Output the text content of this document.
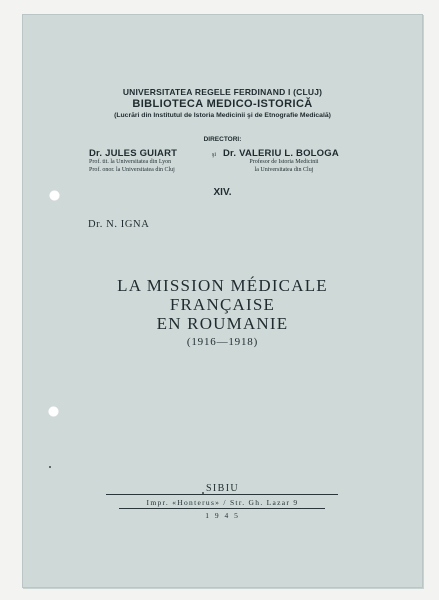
UNIVERSITATEA REGELE FERDINAND I (CLUJ)
BIBLIOTECA MEDICO-ISTORICĂ
(Lucrări din Institutul de Istoria Medicinii şi de Etnografie Medicală)
DIRECTORI:
Dr. JULES GUIART
Prof. tit. la Universitatea din Lyon
Prof. onor. la Universitatea din Cluj
şi Dr. VALERIU L. BOLOGA
Profesor de Istoria Medicinii
la Universitatea din Cluj
XIV.
Dr. N. IGNA
LA MISSION MÉDICALE
FRANÇAISE
EN ROUMANIE
(1916—1918)
SIBIU
Impr. «Honterus» / Str. Gh. Lazar 9
1 9 4 5
